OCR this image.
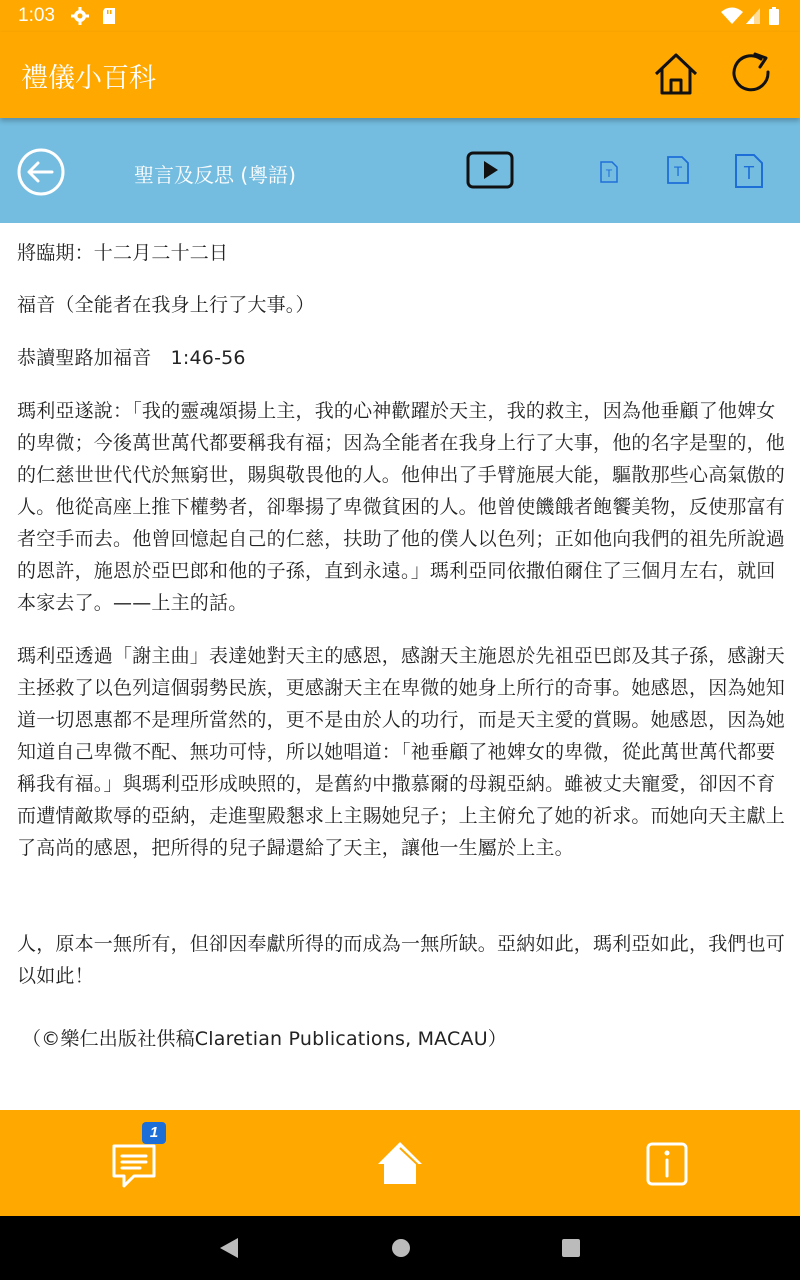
1:03
禮儀小百科
聖言及反思 (粵語)	T	T	T

將臨期：十二月二十二日

福音（全能者在我身上行了大事。）

恭讀聖路加福音　1:46-56

瑪利亞遂說：「我的靈魂頌揚上主，我的心神歡躍於天主，我的救主，因為他垂顧了他婢女的卑微；今後萬世萬代都要稱我有福；因為全能者在我身上行了大事，他的名字是聖的，他的仁慈世世代代於無窮世，賜與敬畏他的人。他伸出了手臂施展大能，驅散那些心高氣傲的人。他從高座上推下權勢者，卻舉揚了卑微貧困的人。他曾使饑餓者飽饗美物，反使那富有者空手而去。他曾回憶起自己的仁慈，扶助了他的僕人以色列；正如他向我們的祖先所說過的恩許，施恩於亞巴郎和他的子孫，直到永遠。」瑪利亞同依撒伯爾住了三個月左右，就回本家去了。——上主的話。

瑪利亞透過「謝主曲」表達她對天主的感恩，感謝天主施恩於先祖亞巴郎及其子孫，感謝天主拯救了以色列這個弱勢民族，更感謝天主在卑微的她身上所行的奇事。她感恩，因為她知道一切恩惠都不是理所當然的，更不是由於人的功行，而是天主愛的賞賜。她感恩，因為她知道自己卑微不配、無功可恃，所以她唱道：「祂垂顧了祂婢女的卑微，從此萬世萬代都要稱我有福。」與瑪利亞形成映照的，是舊約中撒慕爾的母親亞納。雖被丈夫寵愛，卻因不育而遭情敵欺辱的亞納，走進聖殿懇求上主賜她兒子；上主俯允了她的祈求。而她向天主獻上了高尚的感恩，把所得的兒子歸還給了天主，讓他一生屬於上主。

人，原本一無所有，但卻因奉獻所得的而成為一無所缺。亞納如此，瑪利亞如此，我們也可以如此！

（©樂仁出版社供稿Claretian Publications, MACAU）

1
